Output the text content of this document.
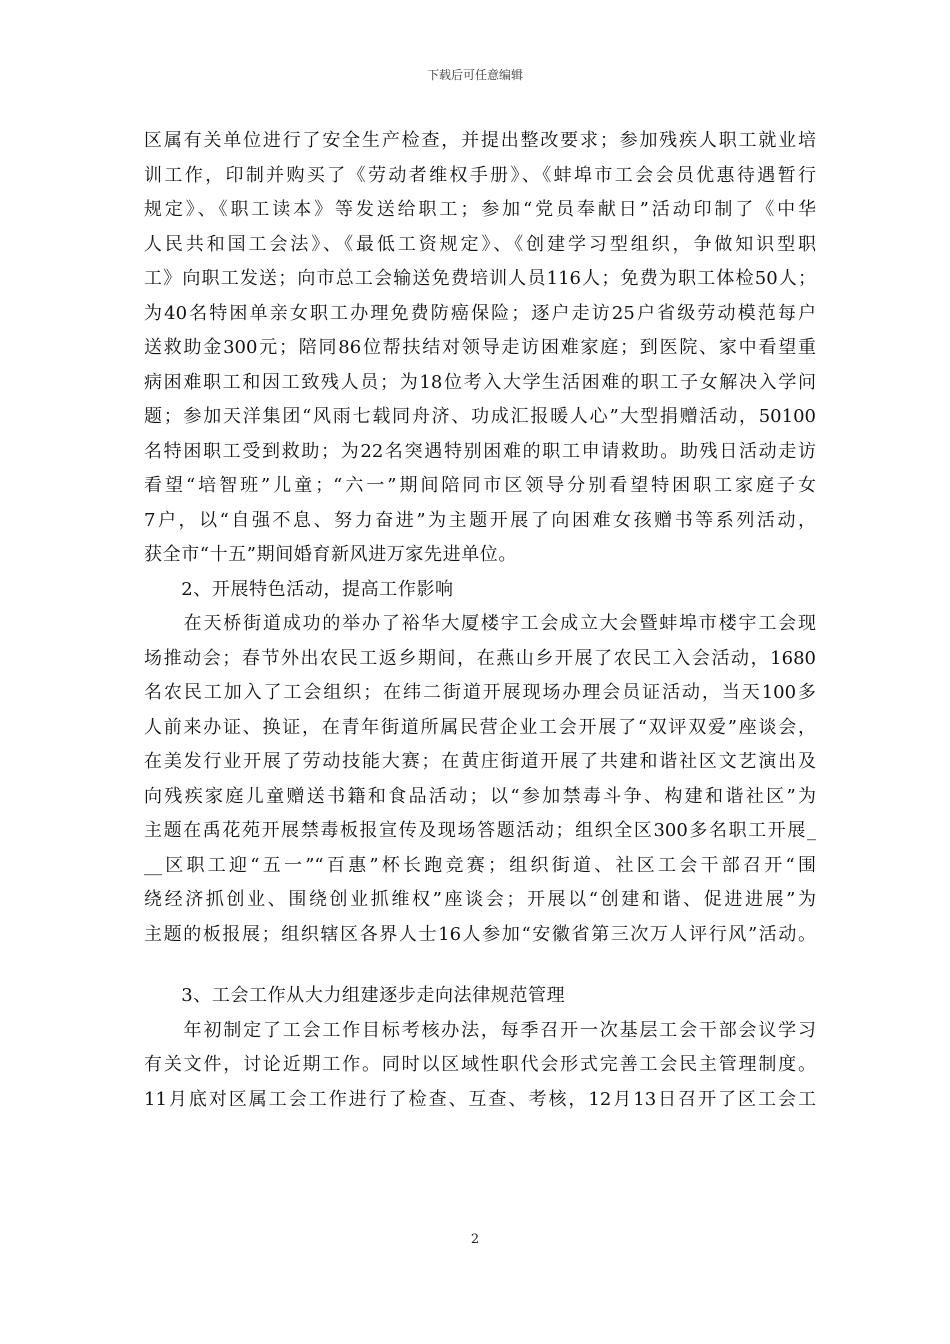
下载后可任意编辑
区属有关单位进行了安全生产检查，并提出整改要求；参加残疾人职工就业培
训工作，印制并购买了《劳动者维权手册》、《蚌埠市工会会员优惠待遇暂行
规定》、《职工读本》等发送给职工；参加“党员奉献日”活动印制了《中华
人民共和国工会法》、《最低工资规定》、《创建学习型组织，争做知识型职
工》向职工发送；向市总工会输送免费培训人员116人；免费为职工体检50人；
为40名特困单亲女职工办理免费防癌保险；逐户走访25户省级劳动模范每户
送救助金300元；陪同86位帮扶结对领导走访困难家庭；到医院、家中看望重
病困难职工和因工致残人员；为18位考入大学生活困难的职工子女解决入学问
题；参加天洋集团“风雨七载同舟济、功成汇报暖人心”大型捐赠活动，50100
名特困职工受到救助；为22名突遇特别困难的职工申请救助。助残日活动走访
看望“培智班”儿童；“六一”期间陪同市区领导分别看望特困职工家庭子女
7户，以“自强不息、努力奋进”为主题开展了向困难女孩赠书等系列活动，
获全市“十五”期间婚育新风进万家先进单位。
　　2、开展特色活动，提高工作影响
　　在天桥街道成功的举办了裕华大厦楼宇工会成立大会暨蚌埠市楼宇工会现
场推动会；春节外出农民工返乡期间，在燕山乡开展了农民工入会活动，1680
名农民工加入了工会组织；在纬二街道开展现场办理会员证活动，当天100多
人前来办证、换证，在青年街道所属民营企业工会开展了“双评双爱”座谈会，
在美发行业开展了劳动技能大赛；在黄庄街道开展了共建和谐社区文艺演出及
向残疾家庭儿童赠送书籍和食品活动；以“参加禁毒斗争、构建和谐社区”为
主题在禹花苑开展禁毒板报宣传及现场答题活动；组织全区300多名职工开展_
__区职工迎“五一”“百惠”杯长跑竞赛；组织街道、社区工会干部召开“围
绕经济抓创业、围绕创业抓维权”座谈会；开展以“创建和谐、促进进展”为
主题的板报展；组织辖区各界人士16人参加“安徽省第三次万人评行风”活动。
　　3、工会工作从大力组建逐步走向法律规范管理
　　年初制定了工会工作目标考核办法，每季召开一次基层工会干部会议学习
有关文件，讨论近期工作。同时以区域性职代会形式完善工会民主管理制度。
11月底对区属工会工作进行了检查、互查、考核，12月13日召开了区工会工
2
